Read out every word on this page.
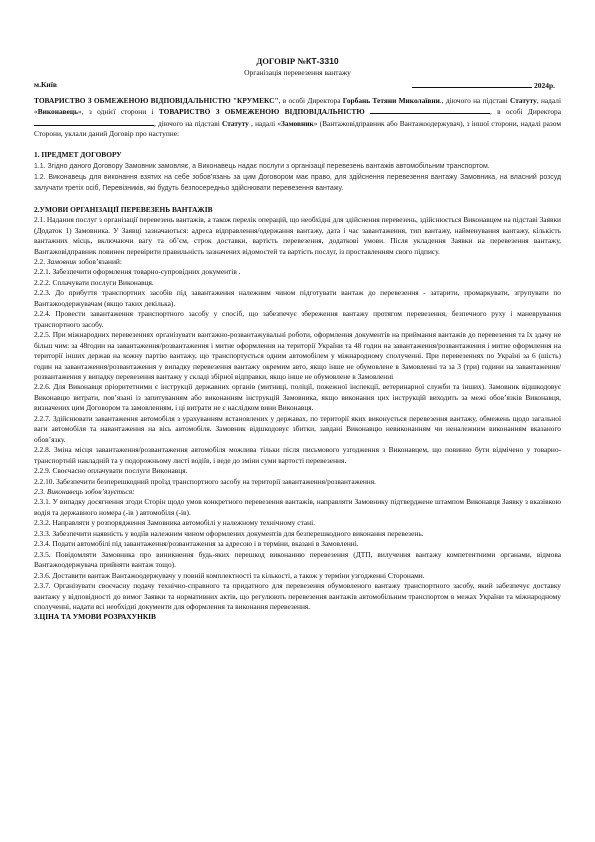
ДОГОВІР №КТ-3310
Організація перевезення вантажу
м.Київ	2024р.

ТОВАРИСТВО З ОБМЕЖЕНОЮ ВІДПОВІДАЛЬНІСТЮ "КРУМЕКС", в особі Директора Горбань Тетяни Миколаївни., діючого на підставі Статуту, надалі «Виконавець», з однієї сторони і ТОВАРИСТВО З ОБМЕЖЕНОЮ ВІДПОВІДАЛЬНІСТЮ	, в особі Директора , діючого на підставі Статуту , надалі «Замовник» (Вантажовідправник або Вантажоодержувач), з іншої сторони, надалі разом Сторони, уклали даний Договір про наступне:

1. ПРЕДМЕТ ДОГОВОРУ

1.1. Згідно даного Договору Замовник замовляє, а Виконавець надає послуги з організації перевезень вантажів автомобільним транспортом.

1.2. Виконавець для виконання взятих на себе зобов’язань за цим Договором має право, для здійснення перевезення вантажу Замовника, на власний розсуд залучати третіх осіб, Перевізників, які будуть безпосередньо здійснювати перевезення вантажу.

2.УМОВИ ОРГАНІЗАЦІЇ ПЕРЕВЕЗЕНЬ ВАНТАЖІВ

2.1. Надання послуг з організації перевезень вантажів, а також перелік операцій, що необхідні для здійснення перевезень, здійснюється Виконавцем на підставі Заявки (Додаток 1) Замовника. У Заявці зазначаються: адреса відправлення/одержання вантажу, дата і час завантаження, тип вантажу, найменування вантажу, кількість вантажних місць, включаючи вагу та об’єм, строк доставки, вартість перевезення, додаткові умови. Після укладення Заявки на перевезення вантажу, Вантажовідправник повинен перевірити правильність зазначених відомостей та вартість послуг, із проставленням свого підпису.

2.2. Замовник зобов’язаний:

2.2.1. Забезпечити оформлення товарно-супровідних документів .

2.2.2. Сплачувати послуги Виконавця.

2.2.3. До прибуття транспортних засобів під завантаження належним чином підготувати вантаж до перевезення - затарити, промаркувати, згрупувати по Вантажоодержувачам (якщо таких декілька).

2.2.4. Провести завантаження транспортного засобу у спосіб, що забезпечує збереження вантажу протягом перевезення, безпечного руху і маневрування транспортного засобу.

2.2.5. При міжнародних перевезеннях організувати вантажно-розвантажувальні роботи, оформлення документів на приймання вантажів до перевезення та їх здачу не більш чим: за 48годин на завантаження/розвантаження і митне оформлення на території України та 48 годин на завантаження/розвантаження і митне оформлення на території інших держав на кожну партію вантажу, що транспортується одним автомобілем у міжнародному сполученні. При перевезеннях по Україні за 6 (шість) годин на завантаження/розвантаження у випадку перевезення вантажу окремим авто, якщо інше не обумовлене в Замовленні та за 3 (три) години на завантаження/розвантаження у випадку перевезення вантажу у складі збірної відправки, якщо інше не обумовлене в Замовленні

2.2.6. Для Виконавця пріоритетними є інструкції державних органів (митниці, поліції, пожежної інспекції, ветеринарної служби та інших). Замовник відшкодовує Виконавцю витрати, пов’язані із запитуванням або виконанням інструкцій Замовника, якщо виконання цих інструкцій виходить за межі обов’язків Виконавця, визначених цим Договором та замовленням, і ці витрати не є наслідком вини Виконавця.

2.2.7. Здійснювати завантаження автомобіля з урахуванням встановлених у державах, по території яких виконується перевезення вантажу, обмежень щодо загальної ваги автомобіля та навантаження на вісь автомобіля. Замовник відшкодовує збитки, завдані Виконавцю невиконанням чи неналежним виконанням вказаного обов’язку.

2.2.8. Зміна місця завантаження/розвантаження автомобіля можлива тільки після письмового узгодження з Виконавцем, що повинно бути відмічено у товарно-транспортній накладній та у подорожньому листі водіїв, і веде до зміни суми вартості перевезення.

2.2.9. Своєчасно оплачувати послуги Виконавця.

2.2.10. Забезпечити безперешкодний проїзд транспортного засобу на території завантаження/розвантаження.

2.3. Виконавець зобов’язується:

2.3.1. У випадку досягнення згоди Сторін щодо умов конкретного перевезення вантажів, направляти Замовнику підтверджене штампом Виконавця Заявку з вказівкою водія та державного номера (-ів ) автомобіля (-ів).

2.3.2. Направляти у розпорядження Замовника автомобілі у належному технічному стані.

2.3.3. Забезпечити наявність у водіїв належним чином оформлених документів для безперешкодного виконання перевезень.

2.3.4. Подати автомобілі під завантаження/розвантаження за адресою і в терміни, вказані в Замовленні.

2.3.5. Повідомляти Замовника про виникнення будь-яких перешкод виконанню перевезення (ДТП, вилучення вантажу компетентними органами, відмова Вантажоодержувача прийняти вантаж тощо).

2.3.6. Доставити вантаж Вантажоодержувачу у повній комплектності та кількості, а також у терміни узгодженні Сторонами.

2.3.7. Організувати своєчасну подачу технічно-справного та придатного для перевезення обумовленого вантажу транспортного засобу, який забезпечує доставку вантажу у відповідності до вимог Заявки та нормативних актів, що регулюють перевезення вантажів автомобільним транспортом в межах України та міжнародному сполученні, надати всі необхідні документи для оформлення та виконання перевезення.

3.ЦІНА ТА УМОВИ РОЗРАХУНКІВ
